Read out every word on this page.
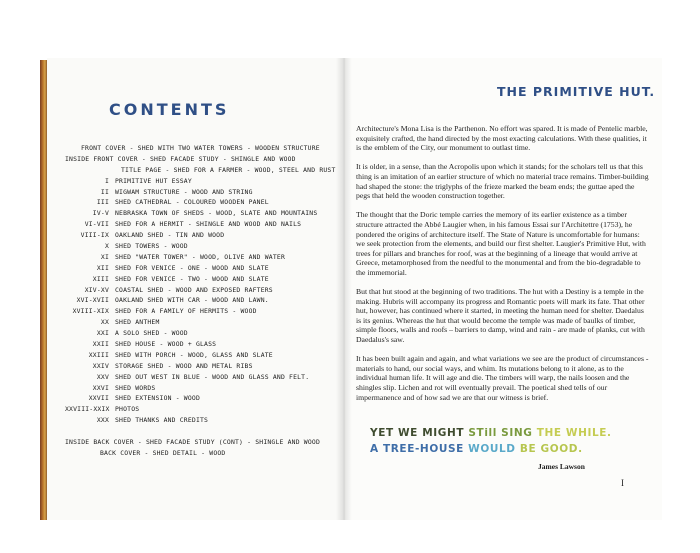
CONTENTS
FRONT COVER - SHED WITH TWO WATER TOWERS - WOODEN STRUCTURE
INSIDE FRONT COVER - SHED FACADE STUDY - SHINGLE AND WOOD
TITLE PAGE - SHED FOR A FARMER - WOOD, STEEL AND RUST
I PRIMITIVE HUT ESSAY
II WIGWAM STRUCTURE - WOOD AND STRING
III SHED CATHEDRAL - COLOURED WOODEN PANEL
IV-V NEBRASKA TOWN OF SHEDS - WOOD, SLATE AND MOUNTAINS
VI-VII SHED FOR A HERMIT - SHINGLE AND WOOD AND NAILS
VIII-IX OAKLAND SHED - TIN AND WOOD
X SHED TOWERS - WOOD
XI SHED "WATER TOWER" - WOOD, OLIVE AND WATER
XII SHED FOR VENICE - ONE - WOOD AND SLATE
XIII SHED FOR VENICE - TWO - WOOD AND SLATE
XIV-XV COASTAL SHED - WOOD AND EXPOSED RAFTERS
XVI-XVII OAKLAND SHED WITH CAR - WOOD AND LAWN.
XVIII-XIX SHED FOR A FAMILY OF HERMITS - WOOD
XX SHED ANTHEM
XXI A SOLO SHED - WOOD
XXII SHED HOUSE - WOOD + GLASS
XXIII SHED WITH PORCH - WOOD, GLASS AND SLATE
XXIV STORAGE SHED - WOOD AND METAL RIBS
XXV SHED OUT WEST IN BLUE - WOOD AND GLASS AND FELT.
XXVI SHED WORDS
XXVII SHED EXTENSION - WOOD
XXVIII-XXIX PHOTOS
XXX SHED THANKS AND CREDITS
INSIDE BACK COVER - SHED FACADE STUDY (CONT) - SHINGLE AND WOOD
BACK COVER - SHED DETAIL - WOOD
THE PRIMITIVE HUT.

Architecture's Mona Lisa is the Parthenon. No effort was spared. It is made of Pentelic marble, exquisitely crafted, the hand directed by the most exacting calculations. With these qualities, it is the emblem of the City, our monument to outlast time.

It is older, in a sense, than the Acropolis upon which it stands; for the scholars tell us that this thing is an imitation of an earlier structure of which no material trace remains. Timber-building had shaped the stone: the triglyphs of the frieze marked the beam ends; the guttae aped the pegs that held the wooden construction together.

The thought that the Doric temple carries the memory of its earlier existence as a timber structure attracted the Abbé Laugier when, in his famous Essai sur l'Architettre (1753), he pondered the origins of architecture itself. The State of Nature is uncomfortable for humans: we seek protection from the elements, and build our first shelter. Laugier's Primitive Hut, with trees for pillars and branches for roof, was at the beginning of a lineage that would arrive at Greece, metamorphosed from the needful to the monumental and from the bio-degradable to the immemorial.

But that hut stood at the beginning of two traditions. The hut with a Destiny is a temple in the making. Hubris will accompany its progress and Romantic poets will mark its fate. That other hut, however, has continued where it started, in meeting the human need for shelter. Daedalus is its genius. Whereas the hut that would become the temple was made of baulks of timber, simple floors, walls and roofs – barriers to damp, wind and rain - are made of planks, cut with Daedalus's saw.

It has been built again and again, and what variations we see are the product of circumstances - materials to hand, our social ways, and whim. Its mutations belong to it alone, as to the individual human life. It will age and die. The timbers will warp, the nails loosen and the shingles slip. Lichen and rot will eventually prevail. The poetical shed tells of our impermanence and of how sad we are that our witness is brief.

YET WE MIGHT STill SING THE WHILE.
A TREE-HOUSE WOULD BE GOOD.
James Lawson
I
